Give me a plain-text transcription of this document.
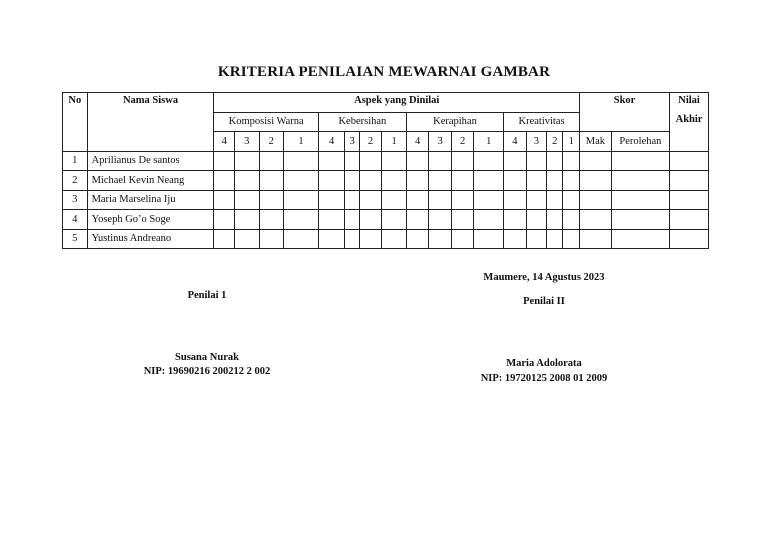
KRITERIA PENILAIAN MEWARNAI GAMBAR
No	Nama Siswa	Aspek yang Dinilai																Skor		Nilai
		Komposisi Warna				Kebersihan				Kerapihan				Kreativitas						Akhir
		4	3	2	1	4	3	2	1	4	3	2	1	4	3	2	1	Mak	Perolehan	
1	Aprilianus De santos																			
2	Michael Kevin Neang																			
3	Maria Marselina Iju																			
4	Yoseph Go’o Soge																			
5	Yustinus Andreano																			
Maumere, 14 Agustus 2023
Penilai 1
Susana Nurak
NIP: 19690216 200212 2 002
Penilai II
Maria Adolorata
NIP: 19720125 2008 01 2009
